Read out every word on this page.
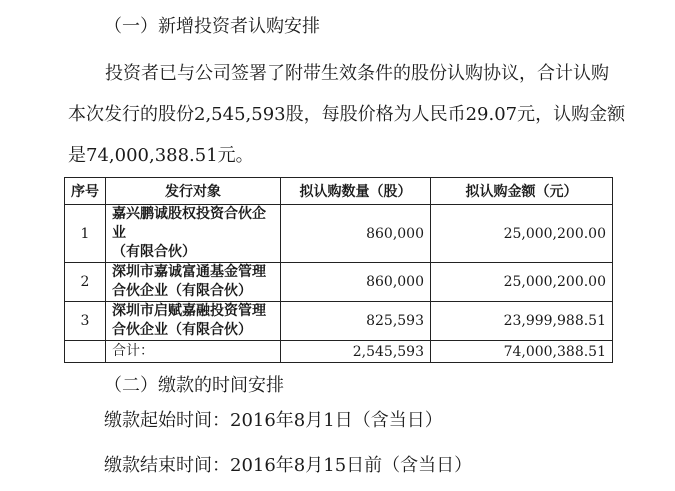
（一）新增投资者认购安排
投资者已与公司签署了附带生效条件的股份认购协议，合计认购
本次发行的股份2,545,593股，每股价格为人民币29.07元，认购金额
是74,000,388.51元。
序号	发行对象	拟认购数量（股）	拟认购金额（元）
1	嘉兴鹏诚股权投资合伙企业
（有限合伙）	860,000	25,000,200.00
2	深圳市嘉诚富通基金管理
合伙企业（有限合伙）	860,000	25,000,200.00
3	深圳市启赋嘉融投资管理
合伙企业（有限合伙）	825,593	23,999,988.51
	合计：	2,545,593	74,000,388.51
（二）缴款的时间安排
缴款起始时间：2016年8月1日（含当日）
缴款结束时间：2016年8月15日前（含当日）
